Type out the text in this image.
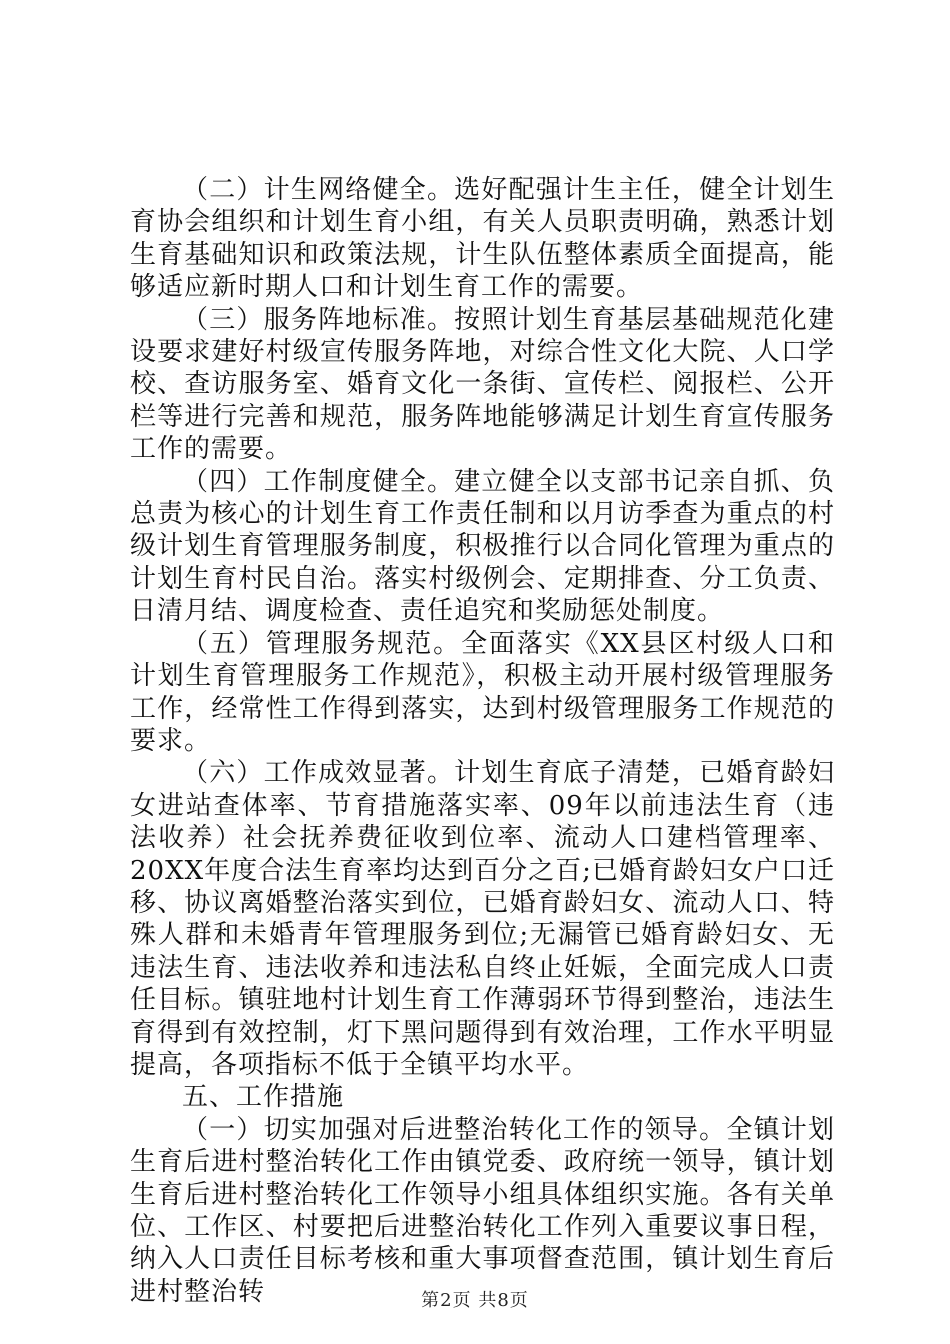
（二）计生网络健全。选好配强计生主任，健全计划生育协会组织和计划生育小组，有关人员职责明确，熟悉计划生育基础知识和政策法规，计生队伍整体素质全面提高，能够适应新时期人口和计划生育工作的需要。

（三）服务阵地标准。按照计划生育基层基础规范化建设要求建好村级宣传服务阵地，对综合性文化大院、人口学校、查访服务室、婚育文化一条街、宣传栏、阅报栏、公开栏等进行完善和规范，服务阵地能够满足计划生育宣传服务工作的需要。

（四）工作制度健全。建立健全以支部书记亲自抓、负总责为核心的计划生育工作责任制和以月访季查为重点的村级计划生育管理服务制度，积极推行以合同化管理为重点的计划生育村民自治。落实村级例会、定期排查、分工负责、日清月结、调度检查、责任追究和奖励惩处制度。

（五）管理服务规范。全面落实《XX县区村级人口和计划生育管理服务工作规范》，积极主动开展村级管理服务工作，经常性工作得到落实，达到村级管理服务工作规范的要求。

（六）工作成效显著。计划生育底子清楚，已婚育龄妇女进站查体率、节育措施落实率、09年以前违法生育（违法收养）社会抚养费征收到位率、流动人口建档管理率、20XX年度合法生育率均达到百分之百;已婚育龄妇女户口迁移、协议离婚整治落实到位，已婚育龄妇女、流动人口、特殊人群和未婚青年管理服务到位;无漏管已婚育龄妇女、无违法生育、违法收养和违法私自终止妊娠，全面完成人口责任目标。镇驻地村计划生育工作薄弱环节得到整治，违法生育得到有效控制，灯下黑问题得到有效治理，工作水平明显提高，各项指标不低于全镇平均水平。

五、工作措施

（一）切实加强对后进整治转化工作的领导。全镇计划生育后进村整治转化工作由镇党委、政府统一领导，镇计划生育后进村整治转化工作领导小组具体组织实施。各有关单位、工作区、村要把后进整治转化工作列入重要议事日程，纳入人口责任目标考核和重大事项督查范围，镇计划生育后进村整治转	第2页 共8页
